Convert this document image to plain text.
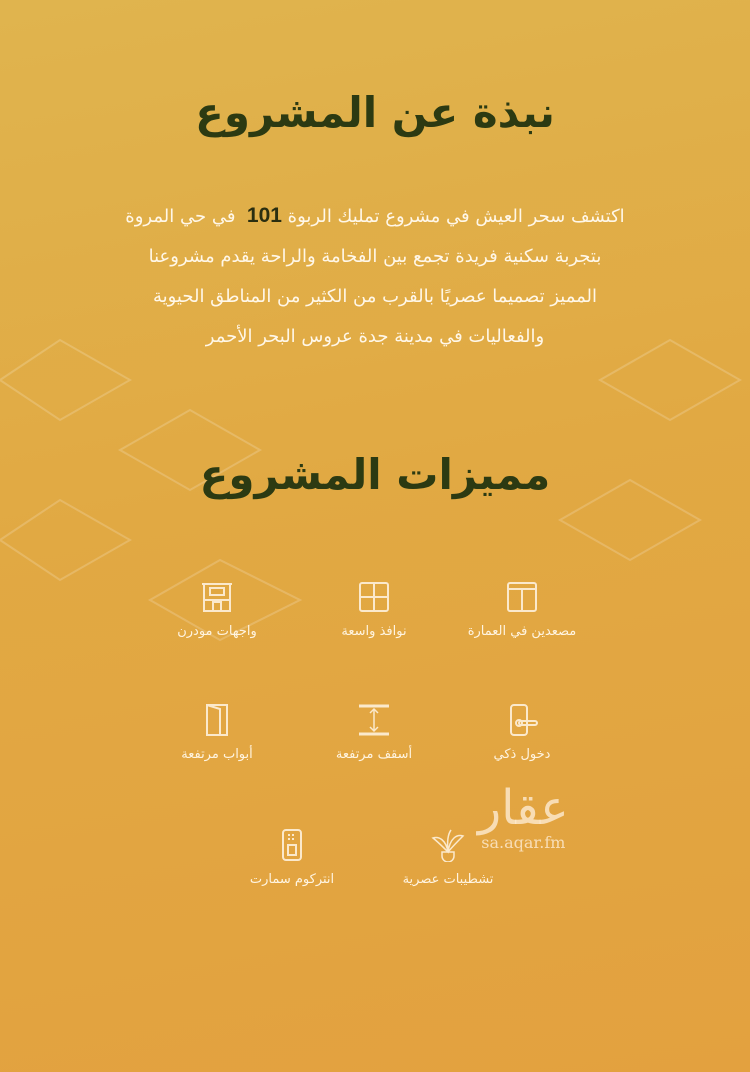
نبذة عن المشروع
اكتشف سحر العيش في مشروع تمليك الربوة 101  في حي المروة
بتجربة سكنية فريدة تجمع بين الفخامة والراحة يقدم مشروعنا
المميز تصميما عصريًا بالقرب من الكثير من المناطق الحيوية
والفعاليات في مدينة جدة عروس البحر الأحمر
مميزات المشروع
مصعدين في العمارة
نوافذ واسعة
واجهات مودرن
دخول ذكي
أسقف مرتفعة
أبواب مرتفعة
تشطيبات عصرية
انتركوم سمارت
عقار
sa.aqar.fm
